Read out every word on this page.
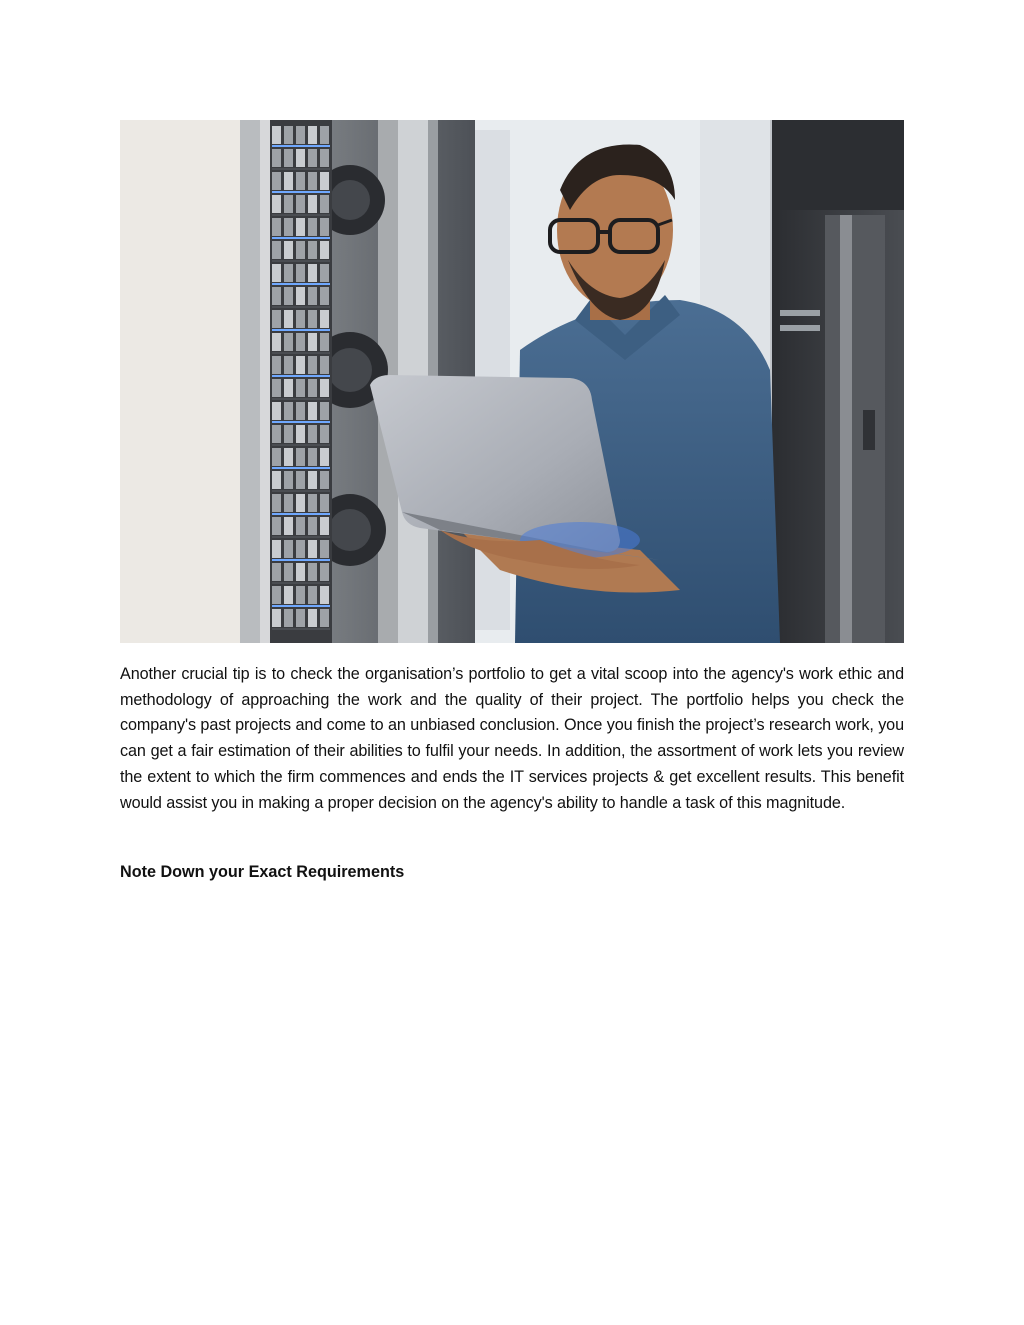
Another crucial tip is to check the organisation’s portfolio to get a vital scoop into the agency's work ethic and methodology of approaching the work and the quality of their project. The portfolio helps you check the company's past projects and come to an unbiased conclusion. Once you finish the project’s research work, you can get a fair estimation of their abilities to fulfil your needs. In addition, the assortment of work lets you review the extent to which the firm commences and ends the IT services projects & get excellent results. This benefit would assist you in making a proper decision on the agency's ability to handle a task of this magnitude.

Note Down your Exact Requirements
